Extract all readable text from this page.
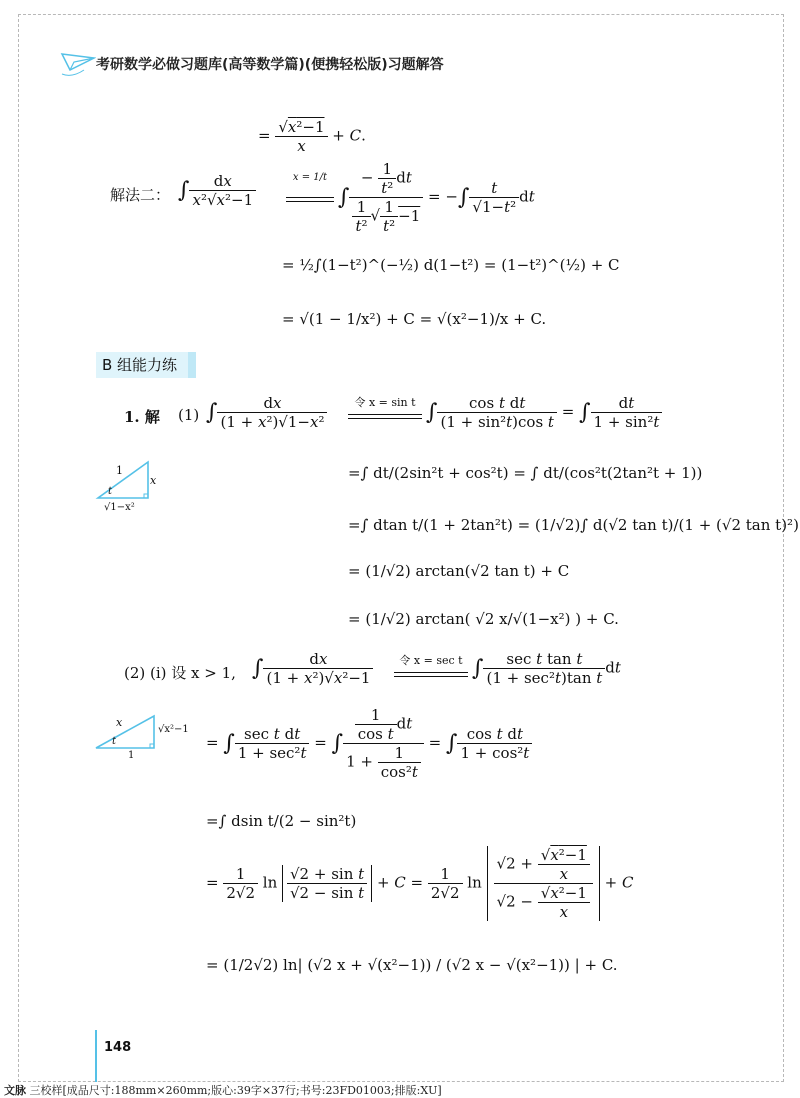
考研数学必做习题库(高等数学篇)(便携轻松版)习题解答
= $\frac{\text{√x²−1}}{x} + C$.
解法二： ∫ $\frac{dx}{\text{x²√x²−1}}$	x = 1/t
∫ $\frac{- \frac{1}{\text{t²}} dt}{\frac{1}{\text{t²}} √ \frac{1}{\text{t²}} -1}$ = −∫ $\frac{t}{\text{√1−t²}}$ dt
= ½∫(1−t²)^(−½) d(1−t²) = (1−t²)^(½) + C
= √(1 − 1/x²) + C = √(x²−1)/x + C.
B 组能力练
1. 解 (1) ∫ $\frac{dx}{\text{(1 + x²)√1−x²}}$	令 x = sin t ∫ $\frac{\text{cos t dt}}{\text{(1 + sin²t)cos t}}$ = ∫ $\frac{dt}{\text{1 + sin²t}}$
1
x
√1−x²
t
=∫ dt/(2sin²t + cos²t) = ∫ dt/(cos²t(2tan²t + 1))
=∫ dtan t/(1 + 2tan²t) = (1/√2)∫ d(√2 tan t)/(1 + (√2 tan t)²)
= (1/√2) arctan(√2 tan t) + C
= (1/√2) arctan( √2 x/√(1−x²) ) + C.
(2) (i) 设 x > 1, ∫ $\frac{dx}{\text{(1 + x²)√x²−1}}$	令 x = sec t ∫ $\frac{\text{sec t tan t}}{\text{(1 + sec²t)tan t}}$ dt
x
√x²−1
1
t	= ∫ $\frac{\text{sec t dt}}{\text{1 + sec²t}}$ = ∫ $\frac{\frac{1}{\text{cos t}} dt}{1 + \frac{1}{\text{cos²t}}}$ = ∫ $\frac{\text{cos t dt}}{\text{1 + cos²t}}$
=∫ dsin t/(2 − sin²t)
= $\frac{1}{2√2}$ $\ln \frac{\text{√2 + sin t}}{\text{√2 − sin t}} + C = \frac{1}{2√2}$ $\ln \frac{√2 + \frac{\text{√x²−1}}{x}}{√2 - \frac{\text{√x²−1}}{x}} + C$
= (1/2√2) ln| (√2 x + √(x²−1)) / (√2 x − √(x²−1)) | + C.
148
文脉 三校样[成品尺寸:188mm×260mm;版心:39字×37行;书号:23FD01003;排版:XU]
